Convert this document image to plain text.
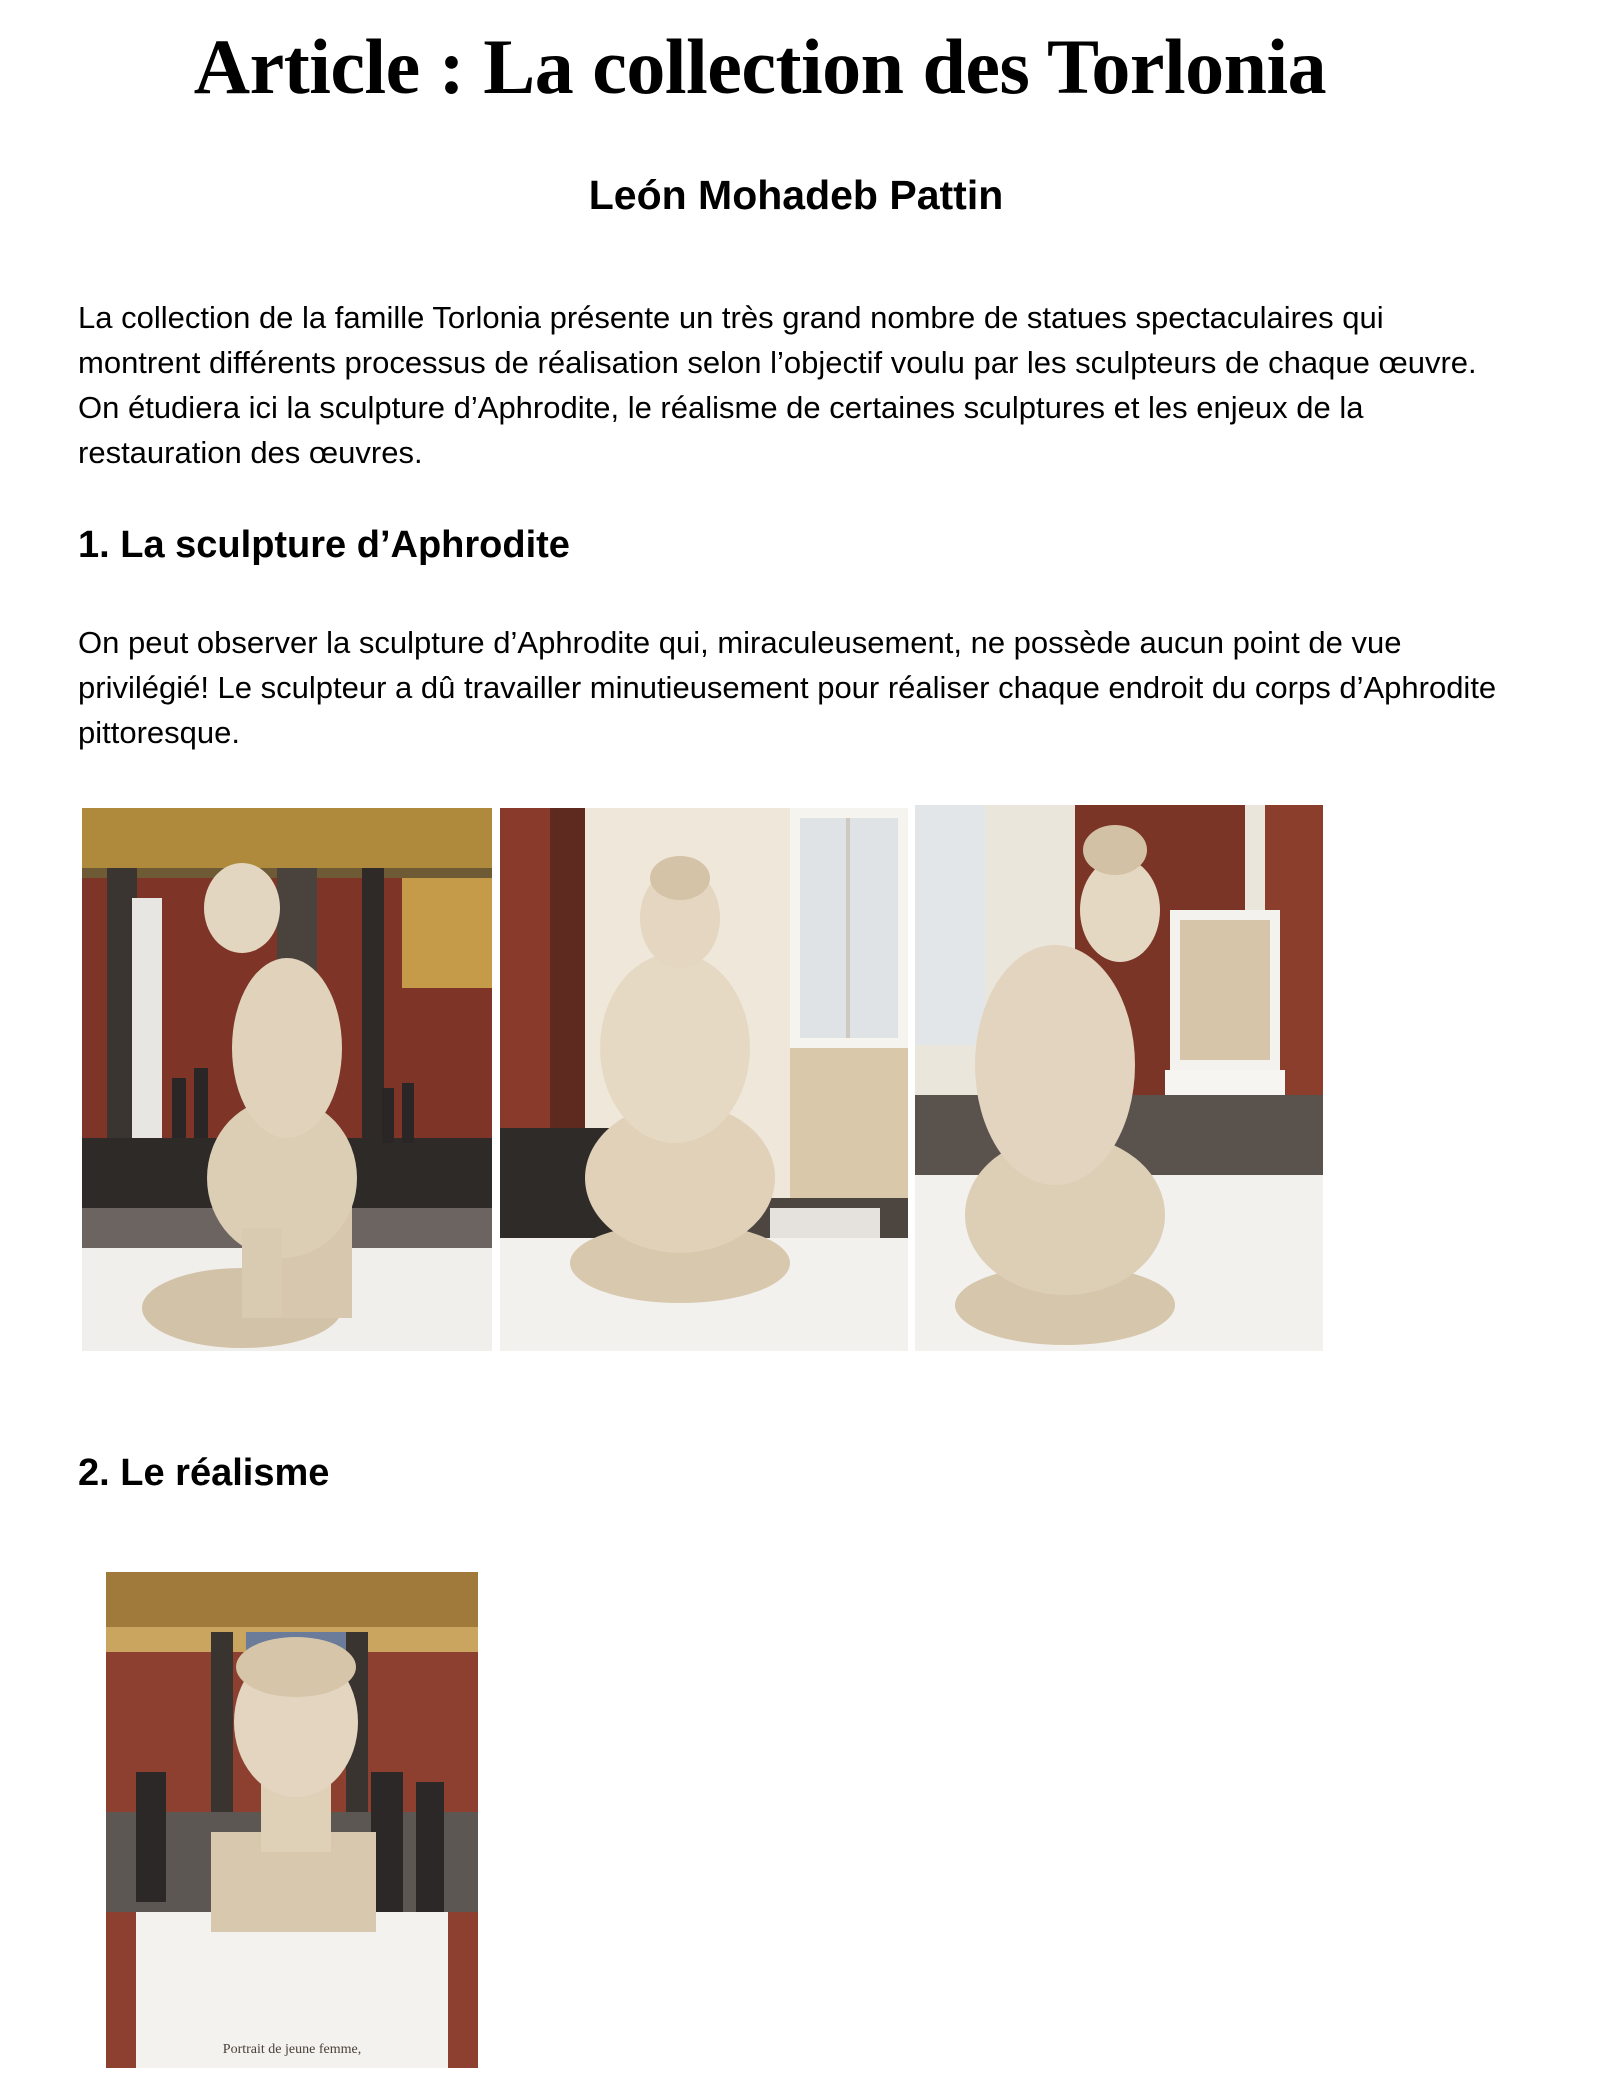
Article : La collection des Torlonia
León Mohadeb Pattin

La collection de la famille Torlonia présente un très grand nombre de statues spectaculaires qui montrent différents processus de réalisation selon l’objectif voulu par les sculpteurs de chaque œuvre. On étudiera ici la sculpture d’Aphrodite, le réalisme de certaines sculptures et les enjeux de la restauration des œuvres.

1. La sculpture d’Aphrodite

On peut observer la sculpture d’Aphrodite qui, miraculeusement, ne possède aucun point de vue privilégié! Le sculpteur a dû travailler minutieusement pour réaliser chaque endroit du corps d’Aphrodite pittoresque.

2. Le réalisme
Portrait de jeune femme,
